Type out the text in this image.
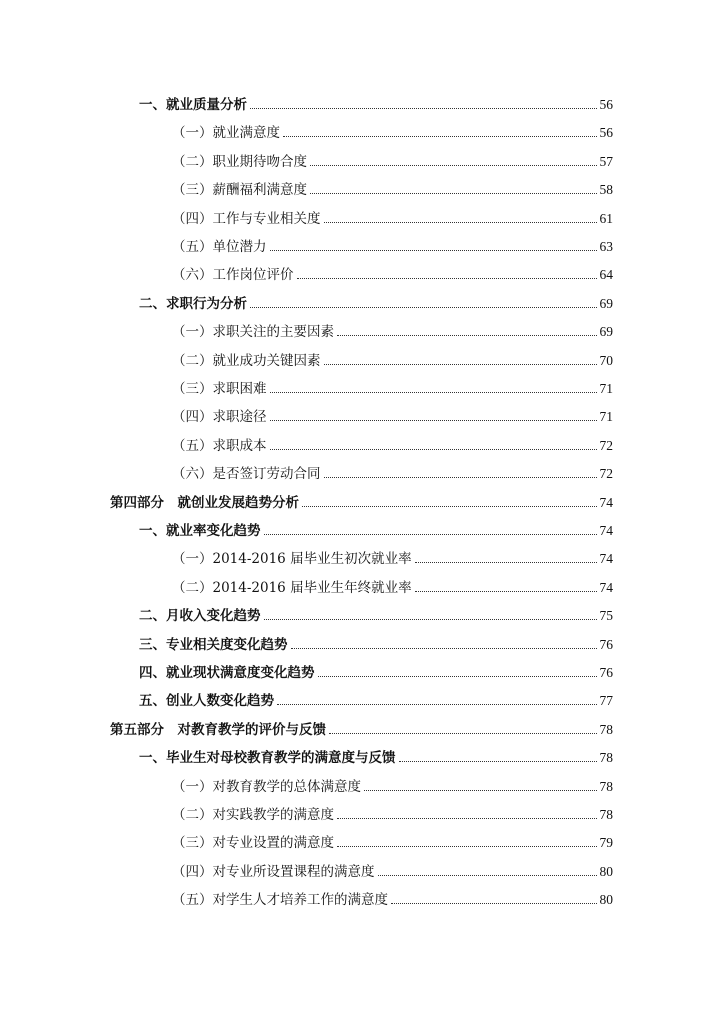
一、就业质量分析	56
（一）就业满意度	56
（二）职业期待吻合度	57
（三）薪酬福利满意度	58
（四）工作与专业相关度	61
（五）单位潜力	63
（六）工作岗位评价	64
二、求职行为分析	69
（一）求职关注的主要因素	69
（二）就业成功关键因素	70
（三）求职困难	71
（四）求职途径	71
（五）求职成本	72
（六）是否签订劳动合同	72
第四部分　就创业发展趋势分析	74
一、就业率变化趋势	74
（一）2014-2016 届毕业生初次就业率	74
（二）2014-2016 届毕业生年终就业率	74
二、月收入变化趋势	75
三、专业相关度变化趋势	76
四、就业现状满意度变化趋势	76
五、创业人数变化趋势	77
第五部分　对教育教学的评价与反馈	78
一、毕业生对母校教育教学的满意度与反馈	78
（一）对教育教学的总体满意度	78
（二）对实践教学的满意度	78
（三）对专业设置的满意度	79
（四）对专业所设置课程的满意度	80
（五）对学生人才培养工作的满意度	80
